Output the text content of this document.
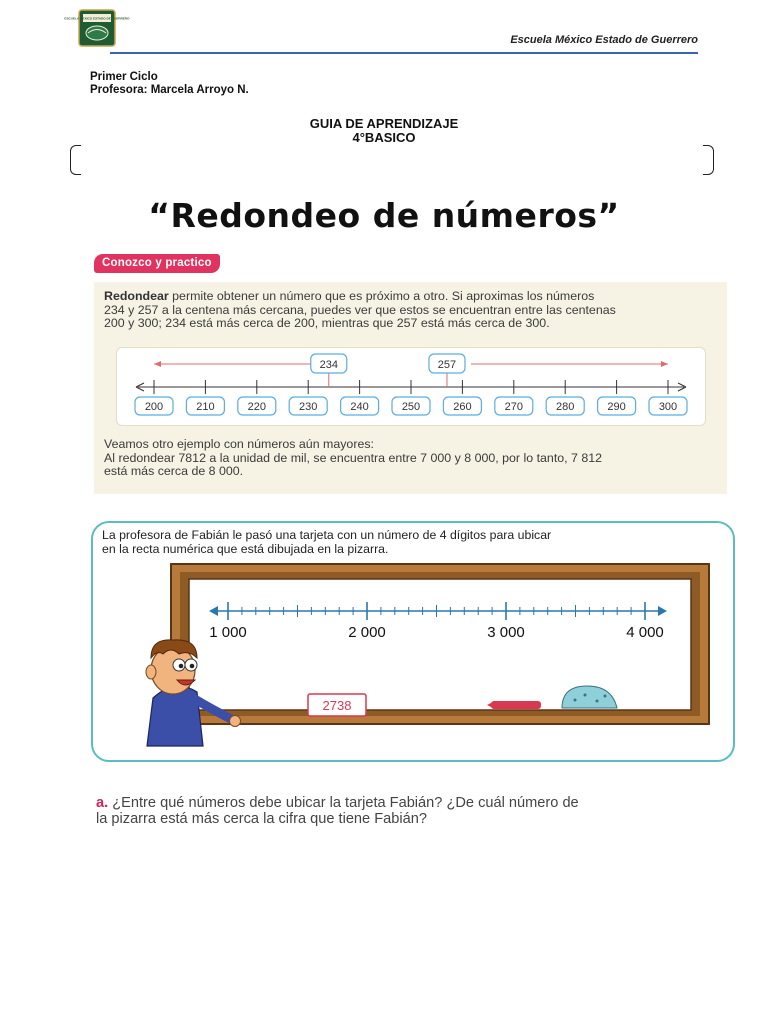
ESCUELA MEXICO ESTADO DE GUERRERO
Escuela México Estado de Guerrero
Primer Ciclo
Profesora: Marcela Arroyo N.
GUIA DE APRENDIZAJE
4°BASICO
“Redondeo de números”
Conozco y practico
Redondear permite obtener un número que es próximo a otro. Si aproximas los números
234 y 257 a la centena más cercana, puedes ver que estos se encuentran entre las centenas
200 y 300; 234 está más cerca de 200, mientras que 257 está más cerca de 300.
200	210	220	230	240	250	260	270	280	290	300
234	257
Veamos otro ejemplo con números aún mayores:
Al redondear 7812 a la unidad de mil, se encuentra entre 7 000 y 8 000, por lo tanto, 7 812
está más cerca de 8 000.
La profesora de Fabián le pasó una tarjeta con un número de 4 dígitos para ubicar
en la recta numérica que está dibujada en la pizarra.
1 000	2 000	3 000	4 000
2738
a. ¿Entre qué números debe ubicar la tarjeta Fabián? ¿De cuál número de
la pizarra está más cerca la cifra que tiene Fabián?
